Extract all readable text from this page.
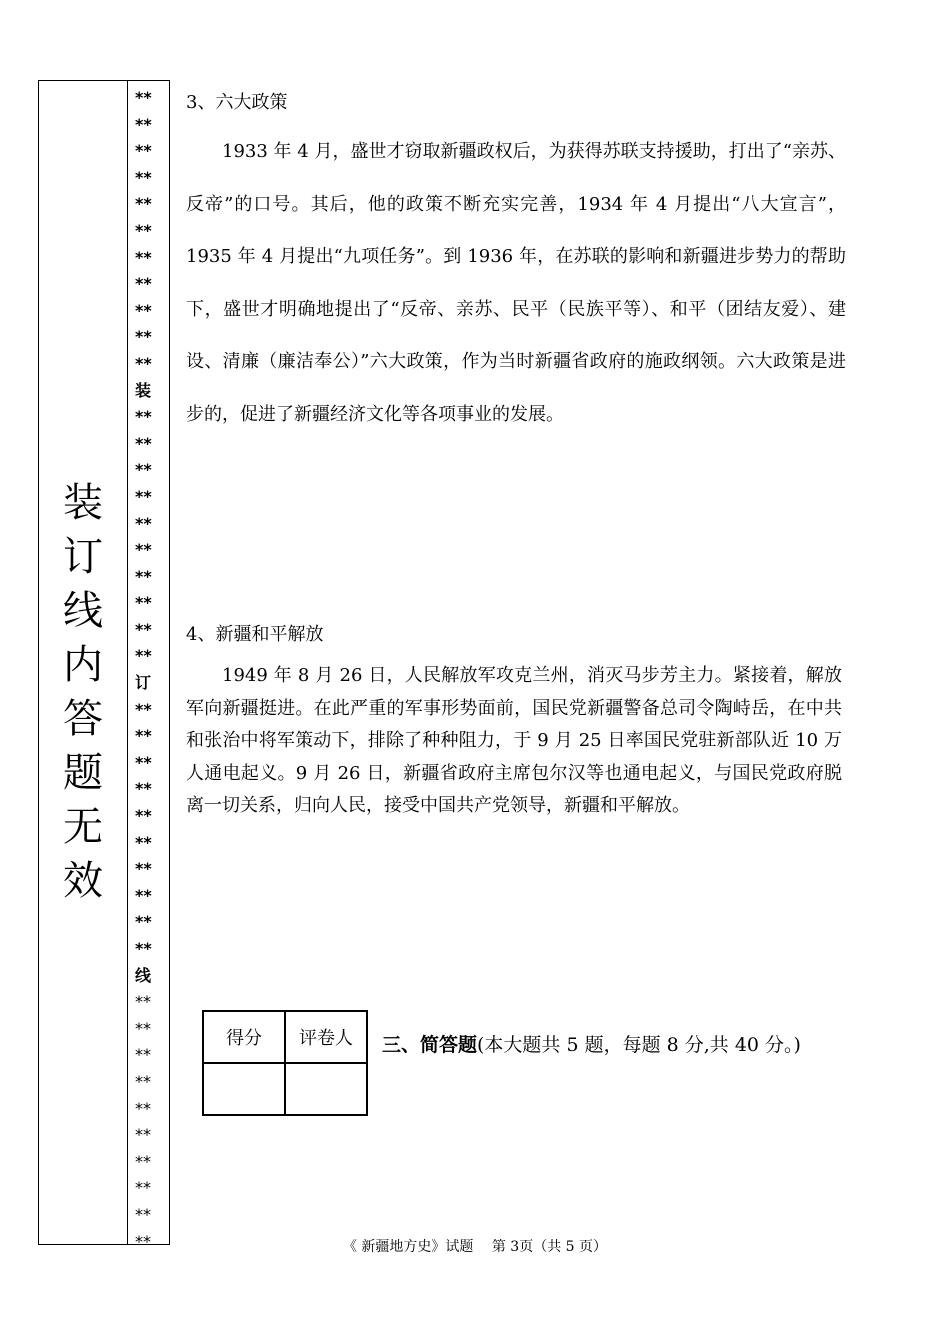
装
订
线
内
答
题
无
效
**
**
**
**
**
**
**
**
**
**
**
装
**
**
**
**
**
**
**
**
**
**
订
**
**
**
**
**
**
**
**
**
**
线
**
**
**
**
**
**
**
**
**
**

3、六大政策

1933 年 4 月，盛世才窃取新疆政权后，为获得苏联支持援助，打出了“亲苏、反帝”的口号。其后，他的政策不断充实完善，1934 年 4 月提出“八大宣言”，1935 年 4 月提出“九项任务”。到 1936 年，在苏联的影响和新疆进步势力的帮助下，盛世才明确地提出了“反帝、亲苏、民平（民族平等）、和平（团结友爱）、建设、清廉（廉洁奉公）”六大政策，作为当时新疆省政府的施政纲领。六大政策是进步的，促进了新疆经济文化等各项事业的发展。

4、新疆和平解放

1949 年 8 月 26 日，人民解放军攻克兰州，消灭马步芳主力。紧接着，解放军向新疆挺进。在此严重的军事形势面前，国民党新疆警备总司令陶峙岳，在中共和张治中将军策动下，排除了种种阻力，于 9 月 25 日率国民党驻新部队近 10 万人通电起义。9 月 26 日，新疆省政府主席包尔汉等也通电起义，与国民党政府脱离一切关系，归向人民，接受中国共产党领导，新疆和平解放。

得分	评卷人
	三、简答题(本大题共 5 题，每题 8 分,共 40 分。)
《 新疆地方史》试题　 第 3页（共 5 页）
